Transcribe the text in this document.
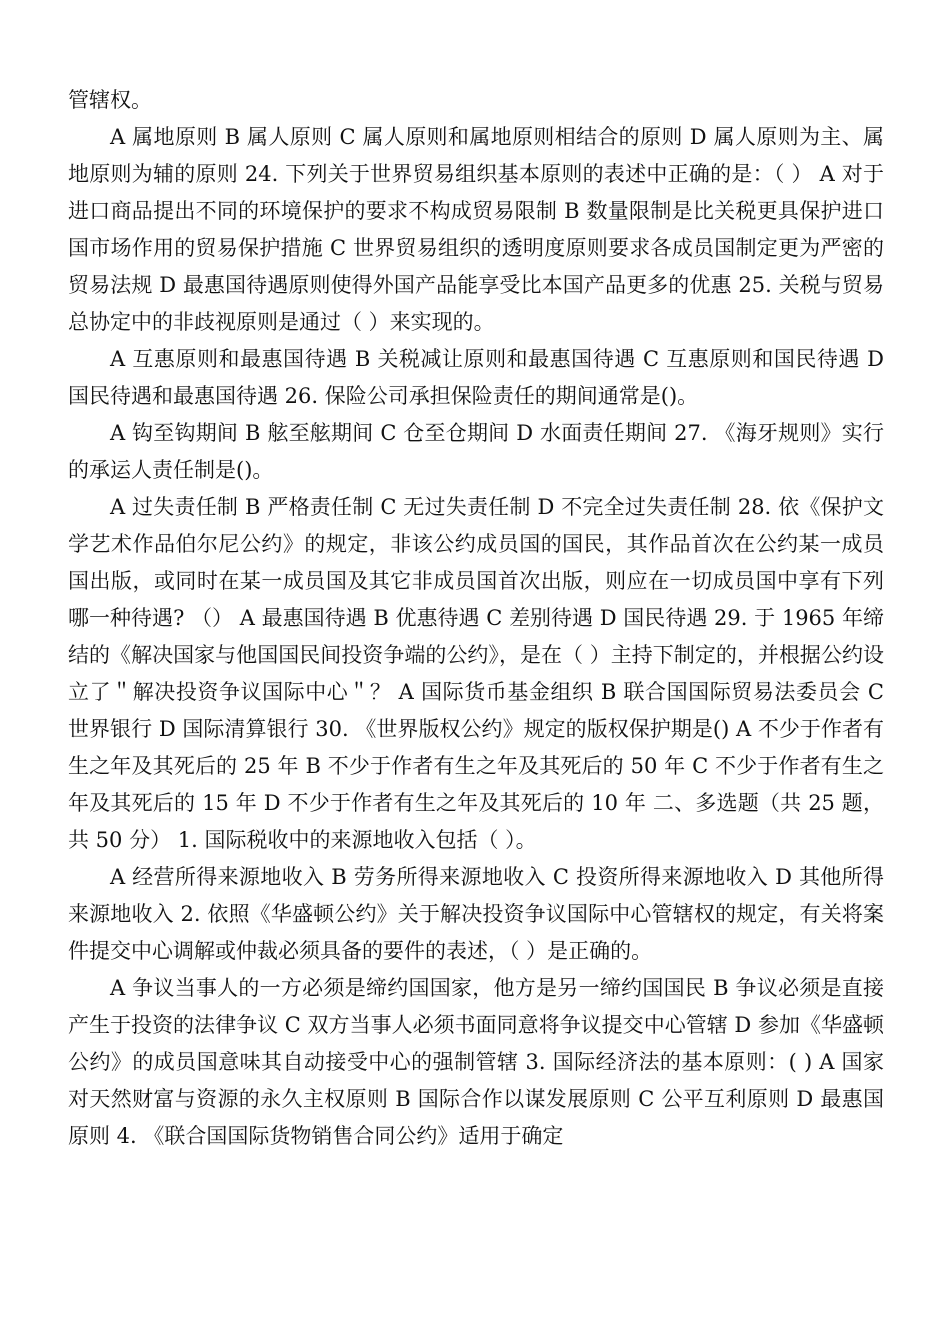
管辖权。

A 属地原则 B 属人原则 C 属人原则和属地原则相结合的原则 D 属人原则为主、属地原则为辅的原则 24. 下列关于世界贸易组织基本原则的表述中正确的是：（ ） A 对于进口商品提出不同的环境保护的要求不构成贸易限制 B 数量限制是比关税更具保护进口国市场作用的贸易保护措施 C 世界贸易组织的透明度原则要求各成员国制定更为严密的贸易法规 D 最惠国待遇原则使得外国产品能享受比本国产品更多的优惠 25. 关税与贸易总协定中的非歧视原则是通过（ ）来实现的。

A 互惠原则和最惠国待遇 B 关税减让原则和最惠国待遇 C 互惠原则和国民待遇 D 国民待遇和最惠国待遇 26. 保险公司承担保险责任的期间通常是()。

A 钩至钩期间 B 舷至舷期间 C 仓至仓期间 D 水面责任期间 27. 《海牙规则》实行的承运人责任制是()。

A 过失责任制 B 严格责任制 C 无过失责任制 D 不完全过失责任制 28. 依《保护文学艺术作品伯尔尼公约》的规定，非该公约成员国的国民，其作品首次在公约某一成员国出版，或同时在某一成员国及其它非成员国首次出版，则应在一切成员国中享有下列哪一种待遇? （） A 最惠国待遇 B 优惠待遇 C 差别待遇 D 国民待遇 29. 于 1965 年缔结的《解决国家与他国国民间投资争端的公约》，是在（ ）主持下制定的，并根据公约设立了＂解决投资争议国际中心＂？ A 国际货币基金组织 B 联合国国际贸易法委员会 C 世界银行 D 国际清算银行 30. 《世界版权公约》规定的版权保护期是() A 不少于作者有生之年及其死后的 25 年 B 不少于作者有生之年及其死后的 50 年 C 不少于作者有生之年及其死后的 15 年 D 不少于作者有生之年及其死后的 10 年 二、多选题（共 25 题，共 50 分） 1. 国际税收中的来源地收入包括（ ）。

A 经营所得来源地收入 B 劳务所得来源地收入 C 投资所得来源地收入 D 其他所得来源地收入 2. 依照《华盛顿公约》关于解决投资争议国际中心管辖权的规定，有关将案件提交中心调解或仲裁必须具备的要件的表述，（ ）是正确的。

A 争议当事人的一方必须是缔约国国家，他方是另一缔约国国民 B 争议必须是直接产生于投资的法律争议 C 双方当事人必须书面同意将争议提交中心管辖 D 参加《华盛顿公约》的成员国意味其自动接受中心的强制管辖 3. 国际经济法的基本原则：( ) A 国家对天然财富与资源的永久主权原则 B 国际合作以谋发展原则 C 公平互利原则 D 最惠国原则 4. 《联合国国际货物销售合同公约》适用于确定
